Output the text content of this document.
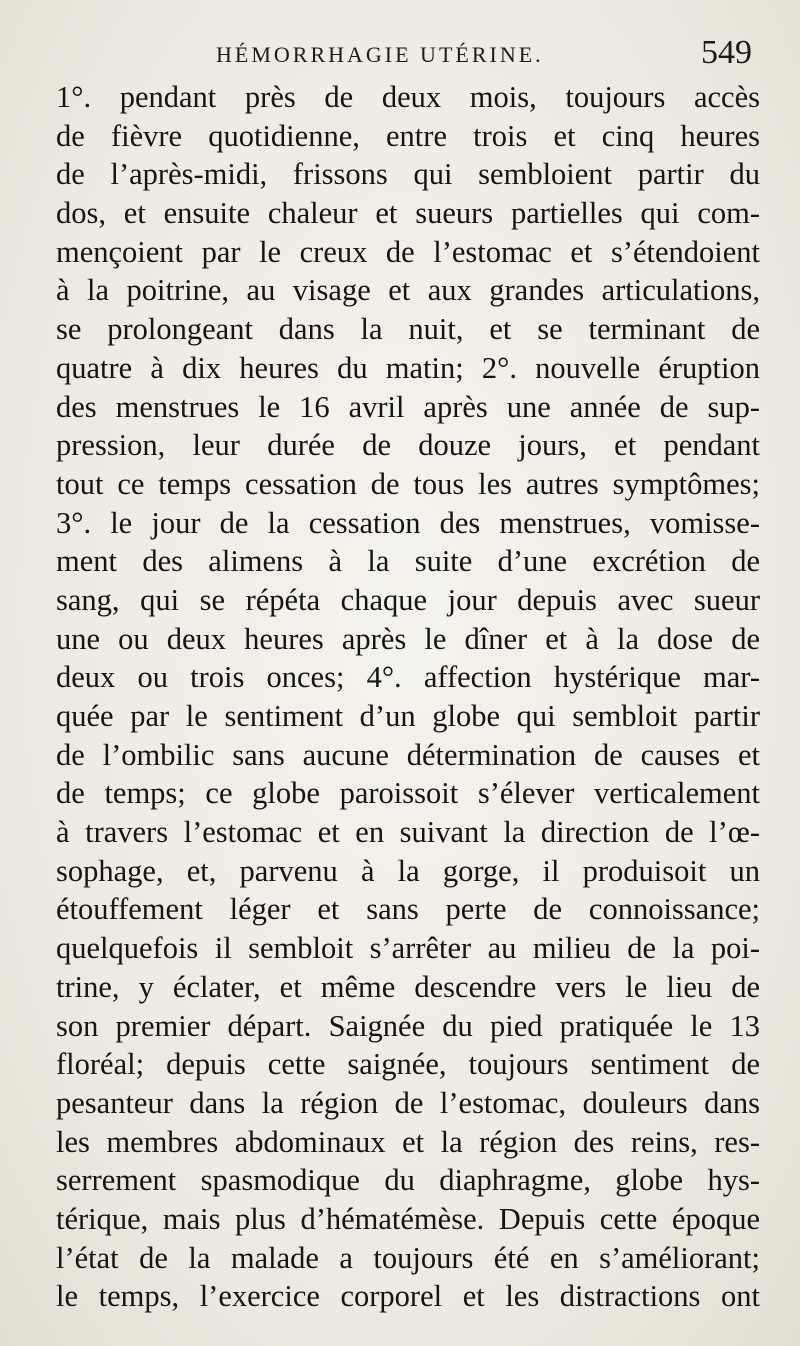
HÉMORRHAGIE UTÉRINE.	549
1°. pendant près de deux mois, toujours accès
de fièvre quotidienne, entre trois et cinq heures
de l’après-midi, frissons qui sembloient partir du
dos, et ensuite chaleur et sueurs partielles qui com-
mençoient par le creux de l’estomac et s’étendoient
à la poitrine, au visage et aux grandes articulations,
se prolongeant dans la nuit, et se terminant de
quatre à dix heures du matin; 2°. nouvelle éruption
des menstrues le 16 avril après une année de sup-
pression, leur durée de douze jours, et pendant
tout ce temps cessation de tous les autres symptômes;
3°. le jour de la cessation des menstrues, vomisse-
ment des alimens à la suite d’une excrétion de
sang, qui se répéta chaque jour depuis avec sueur
une ou deux heures après le dîner et à la dose de
deux ou trois onces; 4°. affection hystérique mar-
quée par le sentiment d’un globe qui sembloit partir
de l’ombilic sans aucune détermination de causes et
de temps; ce globe paroissoit s’élever verticalement
à travers l’estomac et en suivant la direction de l’œ-
sophage, et, parvenu à la gorge, il produisoit un
étouffement léger et sans perte de connoissance;
quelquefois il sembloit s’arrêter au milieu de la poi-
trine, y éclater, et même descendre vers le lieu de
son premier départ. Saignée du pied pratiquée le 13
floréal; depuis cette saignée, toujours sentiment de
pesanteur dans la région de l’estomac, douleurs dans
les membres abdominaux et la région des reins, res-
serrement spasmodique du diaphragme, globe hys-
térique, mais plus d’hématémèse. Depuis cette époque
l’état de la malade a toujours été en s’améliorant;
le temps, l’exercice corporel et les distractions ont
